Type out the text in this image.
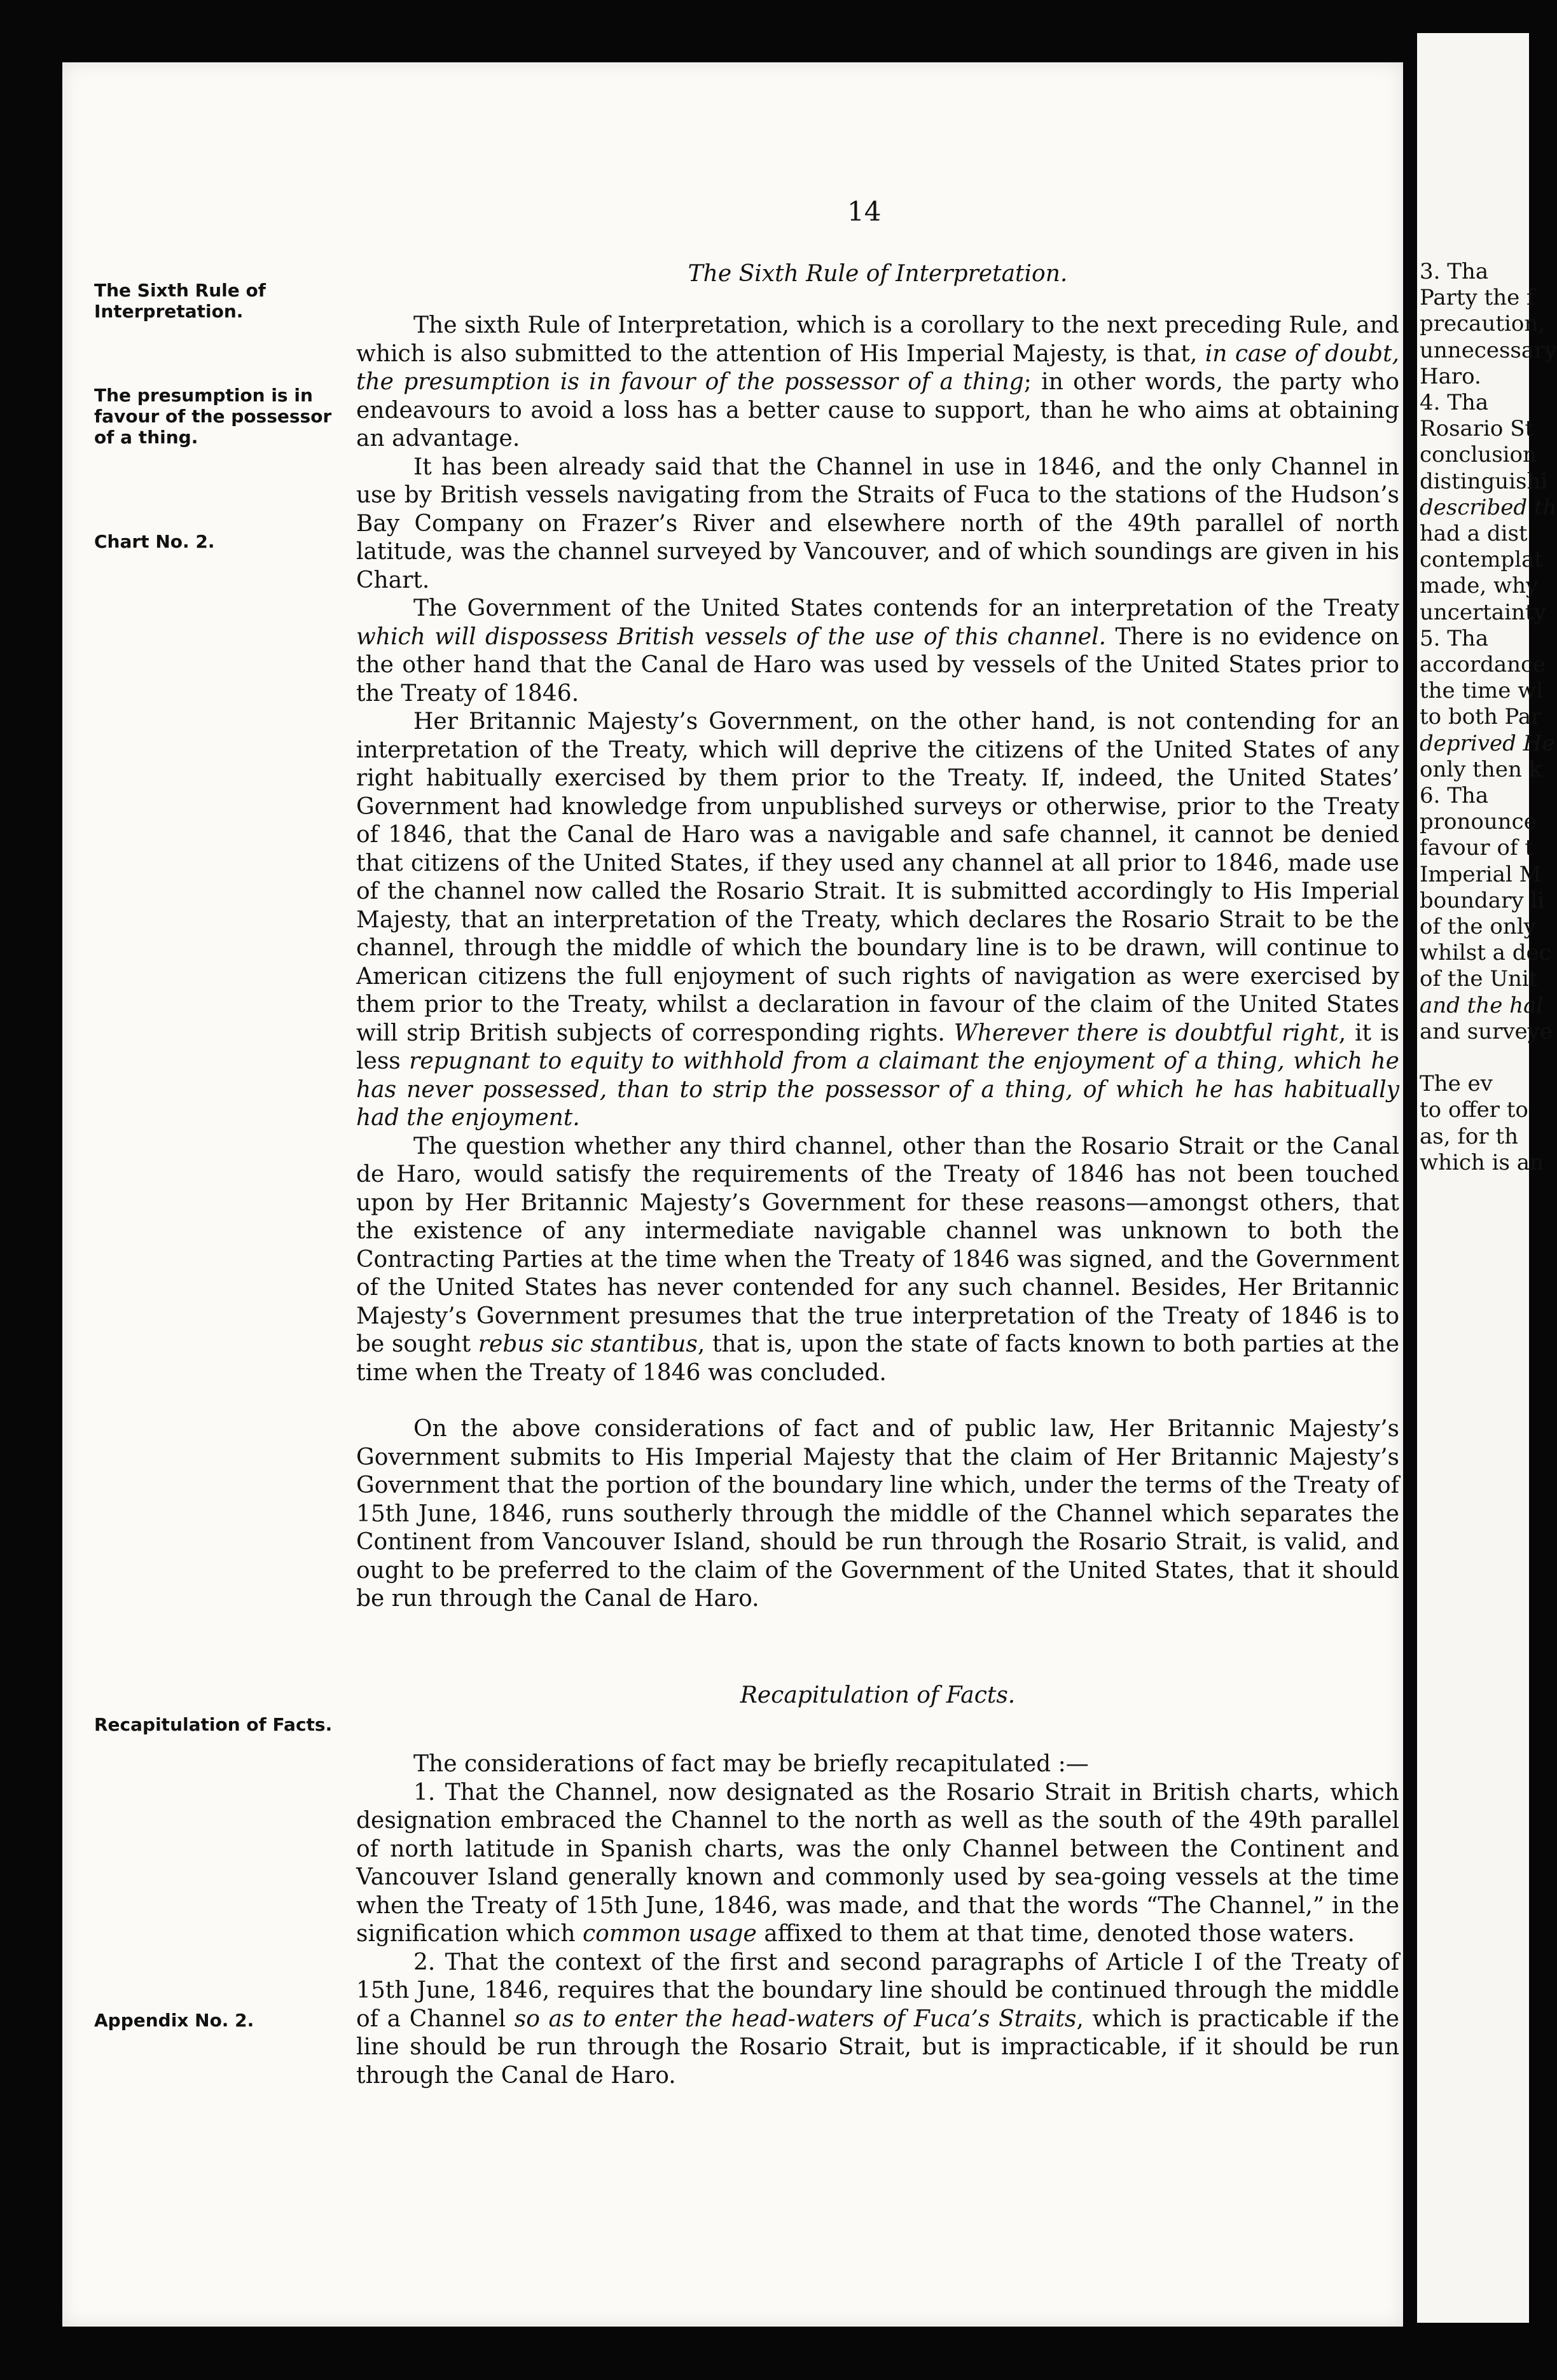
3. Tha
Party the f
precaution,
unnecessary
Haro.
4. Tha
Rosario St
conclusion
distinguishi
described th
had a dist
contemplat
made, why
uncertainty
5. Tha
accordance
the time wl
to both Par
deprived He
only then k
6. Tha
pronounce
favour of t
Imperial M
boundary li
of the only
whilst a dec
of the Unit
and the hal
and surveye
The ev
to offer to
as, for th
which is an
14
The Sixth Rule of Interpretation.
The presumption is in favour of the possessor of a thing.
Chart No. 2.
Recapitulation of Facts.
Appendix No. 2.
The Sixth Rule of Interpretation.

The sixth Rule of Interpretation, which is a corollary to the next preceding Rule, and which is also submitted to the attention of His Imperial Majesty, is that, in case of doubt, the presumption is in favour of the possessor of a thing; in other words, the party who endeavours to avoid a loss has a better cause to support, than he who aims at obtaining an advantage.

It has been already said that the Channel in use in 1846, and the only Channel in use by British vessels navigating from the Straits of Fuca to the stations of the Hudson’s Bay Company on Frazer’s River and elsewhere north of the 49th parallel of north latitude, was the channel surveyed by Vancouver, and of which soundings are given in his Chart.

The Government of the United States contends for an interpretation of the Treaty which will dispossess British vessels of the use of this channel. There is no evidence on the other hand that the Canal de Haro was used by vessels of the United States prior to the Treaty of 1846.

Her Britannic Majesty’s Government, on the other hand, is not contending for an interpretation of the Treaty, which will deprive the citizens of the United States of any right habitually exercised by them prior to the Treaty. If, indeed, the United States’ Government had knowledge from unpublished surveys or otherwise, prior to the Treaty of 1846, that the Canal de Haro was a navigable and safe channel, it cannot be denied that citizens of the United States, if they used any channel at all prior to 1846, made use of the channel now called the Rosario Strait. It is submitted accordingly to His Imperial Majesty, that an interpretation of the Treaty, which declares the Rosario Strait to be the channel, through the middle of which the boundary line is to be drawn, will continue to American citizens the full enjoyment of such rights of navigation as were exercised by them prior to the Treaty, whilst a declaration in favour of the claim of the United States will strip British subjects of corresponding rights. Wherever there is doubtful right, it is less repugnant to equity to withhold from a claimant the enjoyment of a thing, which he has never possessed, than to strip the possessor of a thing, of which he has habitually had the enjoyment.

The question whether any third channel, other than the Rosario Strait or the Canal de Haro, would satisfy the requirements of the Treaty of 1846 has not been touched upon by Her Britannic Majesty’s Government for these reasons—amongst others, that the existence of any intermediate navigable channel was unknown to both the Contracting Parties at the time when the Treaty of 1846 was signed, and the Government of the United States has never contended for any such channel. Besides, Her Britannic Majesty’s Government presumes that the true interpretation of the Treaty of 1846 is to be sought rebus sic stantibus, that is, upon the state of facts known to both parties at the time when the Treaty of 1846 was concluded.

On the above considerations of fact and of public law, Her Britannic Majesty’s Government submits to His Imperial Majesty that the claim of Her Britannic Majesty’s Government that the portion of the boundary line which, under the terms of the Treaty of 15th June, 1846, runs southerly through the middle of the Channel which separates the Continent from Vancouver Island, should be run through the Rosario Strait, is valid, and ought to be preferred to the claim of the Government of the United States, that it should be run through the Canal de Haro.

Recapitulation of Facts.

The considerations of fact may be briefly recapitulated :—

1. That the Channel, now designated as the Rosario Strait in British charts, which designation embraced the Channel to the north as well as the south of the 49th parallel of north latitude in Spanish charts, was the only Channel between the Continent and Vancouver Island generally known and commonly used by sea-going vessels at the time when the Treaty of 15th June, 1846, was made, and that the words “The Channel,” in the signification which common usage affixed to them at that time, denoted those waters.

2. That the context of the first and second paragraphs of Article I of the Treaty of 15th June, 1846, requires that the boundary line should be continued through the middle of a Channel so as to enter the head-waters of Fuca’s Straits, which is practicable if the line should be run through the Rosario Strait, but is impracticable, if it should be run through the Canal de Haro.
